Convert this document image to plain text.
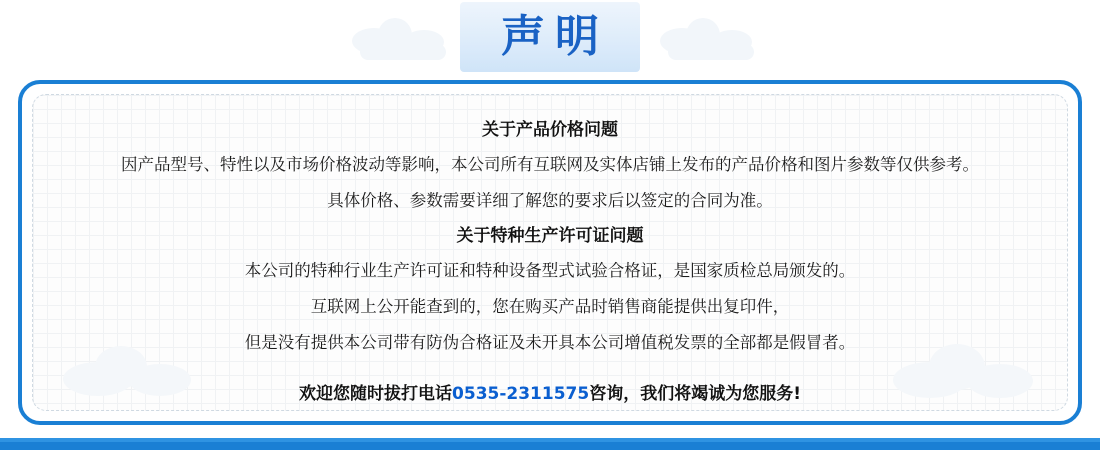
声明

关于产品价格问题

因产品型号、特性以及市场价格波动等影响，本公司所有互联网及实体店铺上发布的产品价格和图片参数等仅供参考。

具体价格、参数需要详细了解您的要求后以签定的合同为准。

关于特种生产许可证问题

本公司的特种行业生产许可证和特种设备型式试验合格证，是国家质检总局颁发的。

互联网上公开能查到的，您在购买产品时销售商能提供出复印件，

但是没有提供本公司带有防伪合格证及未开具本公司增值税发票的全部都是假冒者。

欢迎您随时拔打电话0535-2311575咨询，我们将竭诚为您服务!
